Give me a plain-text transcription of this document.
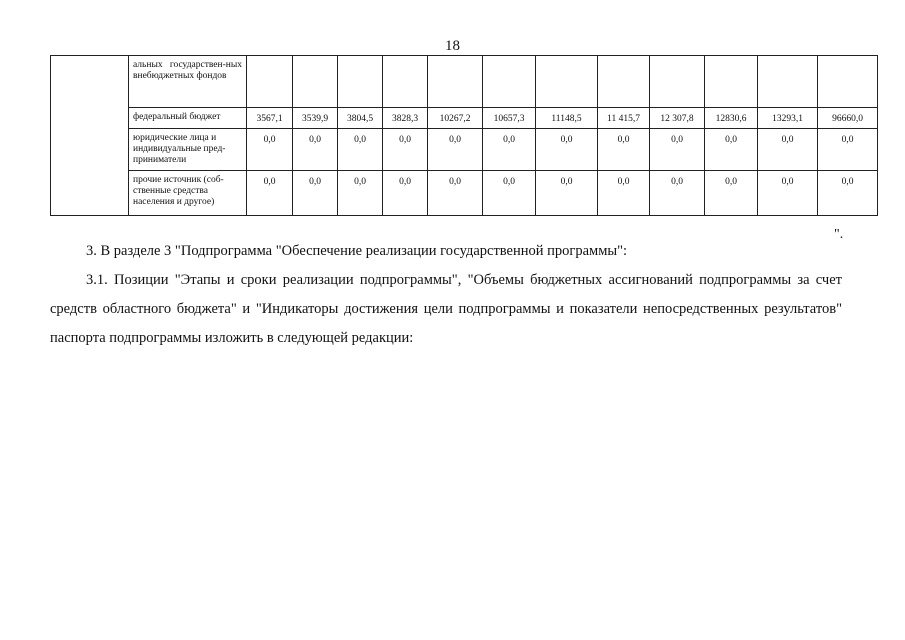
18
	альных государствен-ных внебюджетных фондов												
	федеральный бюджет	3567,1	3539,9	3804,5	3828,3	10267,2	10657,3	11148,5	11 415,7	12 307,8	12830,6	13293,1	96660,0
	юридические лица и индивидуальные пред-приниматели	0,0	0,0	0,0	0,0	0,0	0,0	0,0	0,0	0,0	0,0	0,0	0,0
	прочие источник (соб-ственные средства населения и другое)	0,0	0,0	0,0	0,0	0,0	0,0	0,0	0,0	0,0	0,0	0,0	0,0
".
3. В разделе 3 "Подпрограмма "Обеспечение реализации государственной программы":
3.1. Позиции "Этапы и сроки реализации подпрограммы", "Объемы бюджетных ассигнований подпрограммы за счет средств областного бюджета" и "Индикаторы достижения цели подпрограммы и показатели непосредственных результатов" паспорта подпрограммы изложить в следующей редакции:
